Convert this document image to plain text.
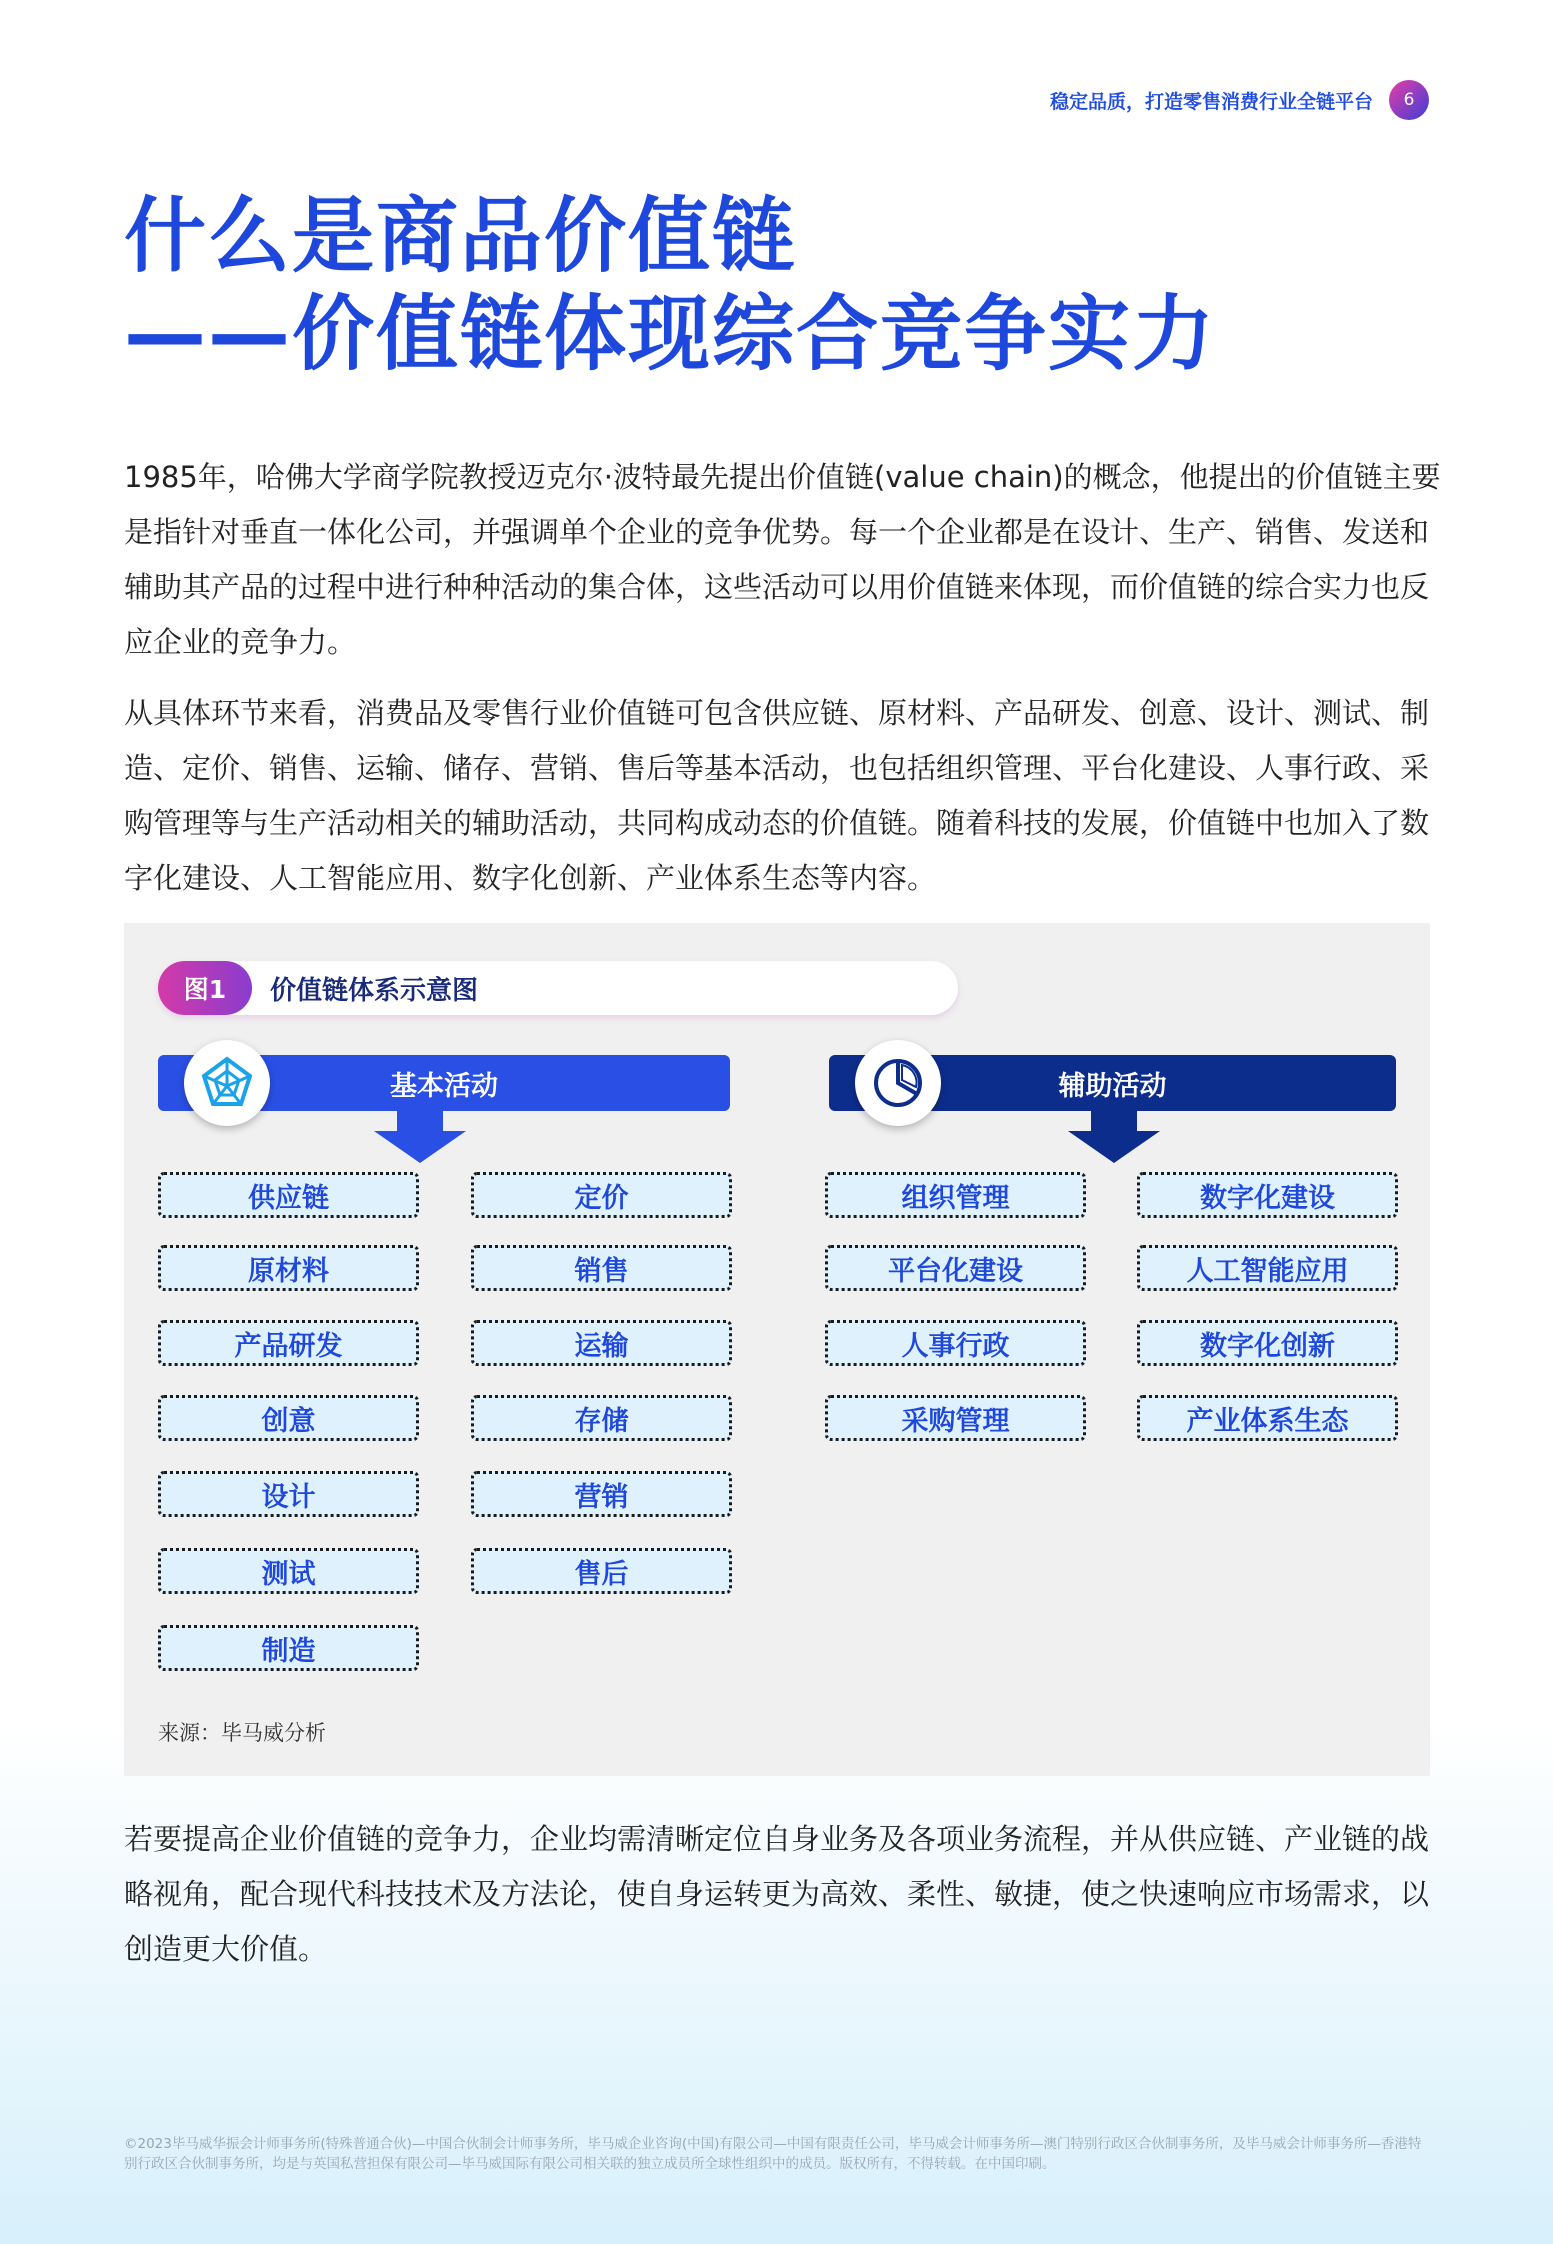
稳定品质，打造零售消费行业全链平台	6
什么是商品价值链
——价值链体现综合竞争实力

1985年，哈佛大学商学院教授迈克尔·波特最先提出价值链(value chain)的概念，他提出的价值链主要是指针对垂直一体化公司，并强调单个企业的竞争优势。每一个企业都是在设计、生产、销售、发送和辅助其产品的过程中进行种种活动的集合体，这些活动可以用价值链来体现，而价值链的综合实力也反应企业的竞争力。

从具体环节来看，消费品及零售行业价值链可包含供应链、原材料、产品研发、创意、设计、测试、制造、定价、销售、运输、储存、营销、售后等基本活动，也包括组织管理、平台化建设、人事行政、采购管理等与生产活动相关的辅助活动，共同构成动态的价值链。随着科技的发展，价值链中也加入了数字化建设、人工智能应用、数字化创新、产业体系生态等内容。

图1	价值链体系示意图
基本活动	辅助活动
供应链
原材料
产品研发
创意
设计
测试
制造
定价
销售
运输
存储
营销
售后
组织管理
平台化建设
人事行政
采购管理
数字化建设
人工智能应用
数字化创新
产业体系生态
来源：毕马威分析

若要提高企业价值链的竞争力，企业均需清晰定位自身业务及各项业务流程，并从供应链、产业链的战略视角，配合现代科技技术及方法论，使自身运转更为高效、柔性、敏捷，使之快速响应市场需求，以创造更大价值。

©2023毕马威华振会计师事务所(特殊普通合伙)—中国合伙制会计师事务所，毕马威企业咨询(中国)有限公司—中国有限责任公司，毕马威会计师事务所—澳门特别行政区合伙制事务所，及毕马威会计师事务所—香港特别行政区合伙制事务所，均是与英国私营担保有限公司—毕马威国际有限公司相关联的独立成员所全球性组织中的成员。版权所有，不得转载。在中国印刷。
